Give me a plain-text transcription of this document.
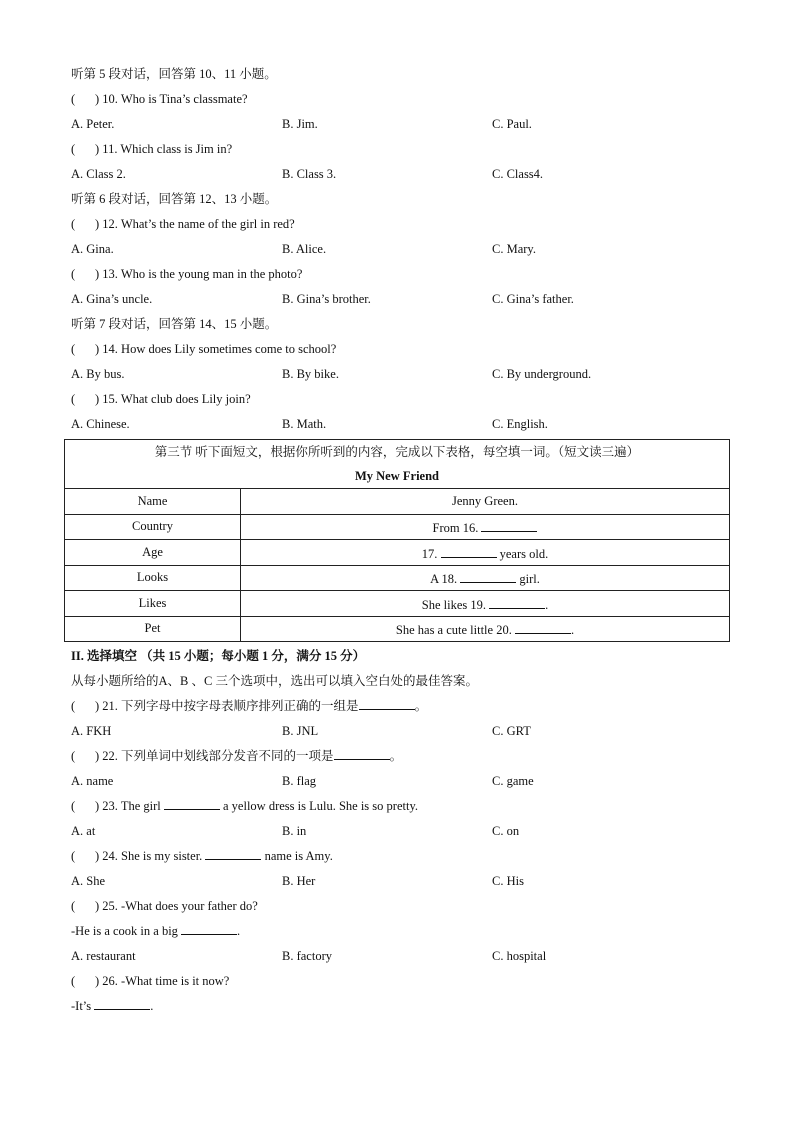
听第 5 段对话，回答第 10、11 小题。
( ) 10. Who is Tina’s classmate?
A. Peter.	B. Jim.	C. Paul.
( ) 11. Which class is Jim in?
A. Class 2.	B. Class 3.	C. Class4.
听第 6 段对话，回答第 12、13 小题。
( ) 12. What’s the name of the girl in red?
A. Gina.	B. Alice.	C. Mary.
( ) 13. Who is the young man in the photo?
A. Gina’s uncle.	B. Gina’s brother.	C. Gina’s father.
听第 7 段对话，回答第 14、15 小题。
( ) 14. How does Lily sometimes come to school?
A. By bus.	B. By bike.	C. By underground.
( ) 15. What club does Lily join?
A. Chinese.	B. Math.	C. English.
第三节 听下面短文，根据你所听到的内容，完成以下表格，每空填一词。（短文读三遍）
My New Friend	

Name	Jenny Green.
Country	From 16.
Age	17. years old.
Looks	A 18. girl.
Likes	She likes 19. .
Pet	She has a cute little 20. .
II. 选择填空 （共 15 小题；每小题 1 分，满分 15 分）
从每小题所给的A、B 、C 三个选项中，选出可以填入空白处的最佳答案。
( ) 21. 下列字母中按字母表顺序排列正确的一组是	。
A. FKH	B. JNL	C. GRT
( ) 22. 下列单词中划线部分发音不同的一项是	。
A. name	B. flag	C. game
( ) 23. The girl	a yellow dress is Lulu. She is so pretty.
A. at	B. in	C. on
( ) 24. She is my sister.	name is Amy.
A. She	B. Her	C. His
( ) 25. -What does your father do?
-He is a cook in a big	.
A. restaurant	B. factory	C. hospital
( ) 26. -What time is it now?
-It’s	.
